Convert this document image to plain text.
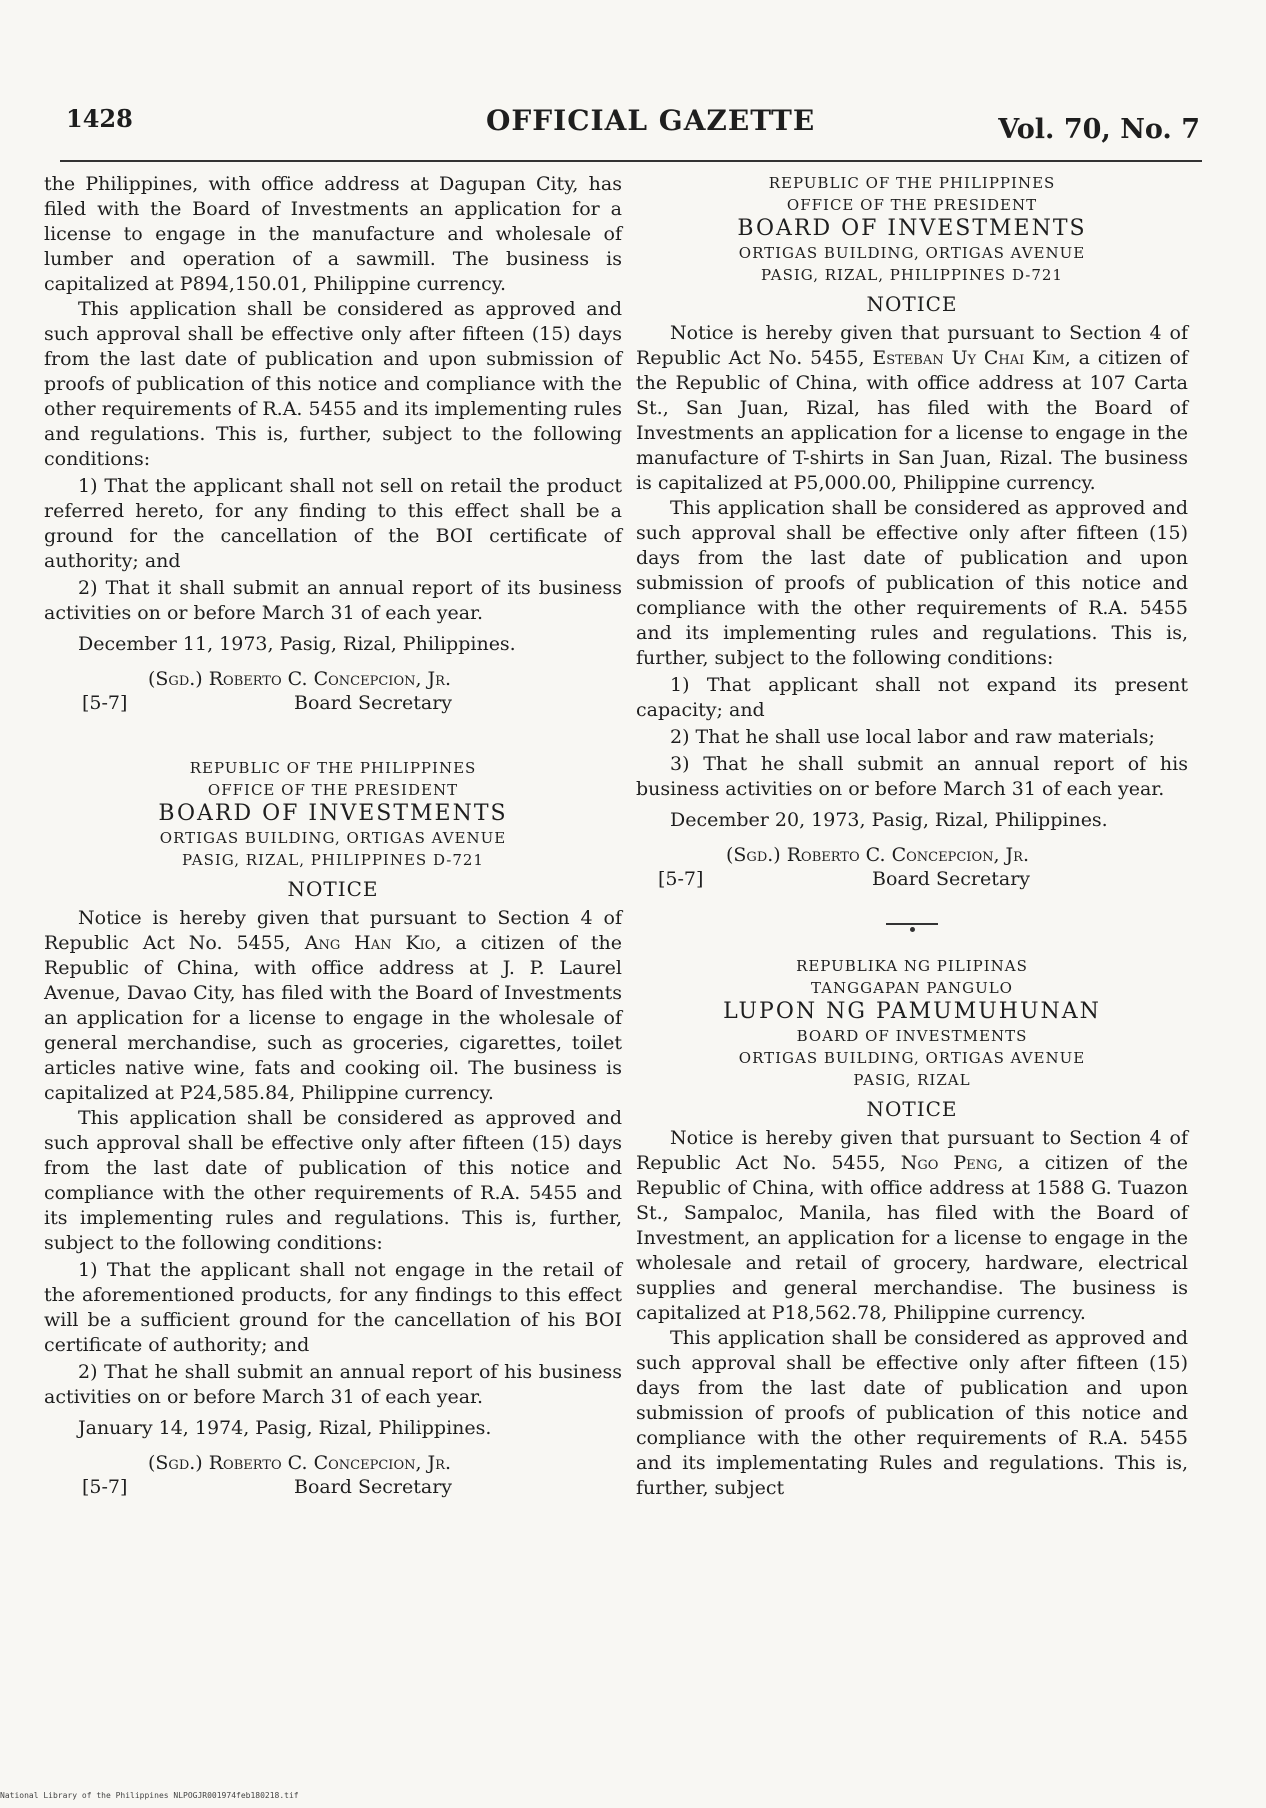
1428	OFFICIAL GAZETTE	Vol. 70, No. 7

the Philippines, with office address at Dagupan City, has filed with the Board of Investments an application for a license to engage in the manufacture and wholesale of lumber and operation of a sawmill. The business is capitalized at P894,150.01, Philippine currency.

This application shall be considered as approved and such approval shall be effective only after fifteen (15) days from the last date of publication and upon submission of proofs of publication of this notice and compliance with the other requirements of R.A. 5455 and its implementing rules and regulations. This is, further, subject to the following conditions:

1) That the applicant shall not sell on retail the product referred hereto, for any finding to this effect shall be a ground for the cancellation of the BOI certificate of authority; and

2) That it shall submit an annual report of its business activities on or before March 31 of each year.

December 11, 1973, Pasig, Rizal, Philippines.

(Sgd.) Roberto C. Concepcion, Jr.
[5-7]	Board Secretary
REPUBLIC OF THE PHILIPPINES
OFFICE OF THE PRESIDENT
BOARD OF INVESTMENTS
ORTIGAS BUILDING, ORTIGAS AVENUE
PASIG, RIZAL, PHILIPPINES D-721
NOTICE

Notice is hereby given that pursuant to Section 4 of Republic Act No. 5455, Ang Han Kio, a citizen of the Republic of China, with office address at J. P. Laurel Avenue, Davao City, has filed with the Board of Investments an application for a license to engage in the wholesale of general merchandise, such as groceries, cigarettes, toilet articles native wine, fats and cooking oil. The business is capitalized at P24,585.84, Philippine currency.

This application shall be considered as approved and such approval shall be effective only after fifteen (15) days from the last date of publication of this notice and compliance with the other requirements of R.A. 5455 and its implementing rules and regulations. This is, further, subject to the following conditions:

1) That the applicant shall not engage in the retail of the aforementioned products, for any findings to this effect will be a sufficient ground for the cancellation of his BOI certificate of authority; and

2) That he shall submit an annual report of his business activities on or before March 31 of each year.

January 14, 1974, Pasig, Rizal, Philippines.

(Sgd.) Roberto C. Concepcion, Jr.
[5-7]	Board Secretary
REPUBLIC OF THE PHILIPPINES
OFFICE OF THE PRESIDENT
BOARD OF INVESTMENTS
ORTIGAS BUILDING, ORTIGAS AVENUE
PASIG, RIZAL, PHILIPPINES D-721
NOTICE

Notice is hereby given that pursuant to Section 4 of Republic Act No. 5455, Esteban Uy Chai Kim, a citizen of the Republic of China, with office address at 107 Carta St., San Juan, Rizal, has filed with the Board of Investments an application for a license to engage in the manufacture of T-shirts in San Juan, Rizal. The business is capitalized at P5,000.00, Philippine currency.

This application shall be considered as approved and such approval shall be effective only after fifteen (15) days from the last date of publication and upon submission of proofs of publication of this notice and compliance with the other requirements of R.A. 5455 and its implementing rules and regulations. This is, further, subject to the following conditions:

1) That applicant shall not expand its present capacity; and

2) That he shall use local labor and raw materials;

3) That he shall submit an annual report of his business activities on or before March 31 of each year.

December 20, 1973, Pasig, Rizal, Philippines.

(Sgd.) Roberto C. Concepcion, Jr.
[5-7]	Board Secretary
REPUBLIKA NG PILIPINAS
TANGGAPAN PANGULO
LUPON NG PAMUMUHUNAN
BOARD OF INVESTMENTS
ORTIGAS BUILDING, ORTIGAS AVENUE
PASIG, RIZAL
NOTICE

Notice is hereby given that pursuant to Section 4 of Republic Act No. 5455, Ngo Peng, a citizen of the Republic of China, with office address at 1588 G. Tuazon St., Sampaloc, Manila, has filed with the Board of Investment, an application for a license to engage in the wholesale and retail of grocery, hardware, electrical supplies and general merchandise. The business is capitalized at P18,562.78, Philippine currency.

This application shall be considered as approved and such approval shall be effective only after fifteen (15) days from the last date of publication and upon submission of proofs of publication of this notice and compliance with the other requirements of R.A. 5455 and its implementating Rules and regulations. This is, further, subject

National Library of the Philippines NLPOGJR001974feb180218.tif
